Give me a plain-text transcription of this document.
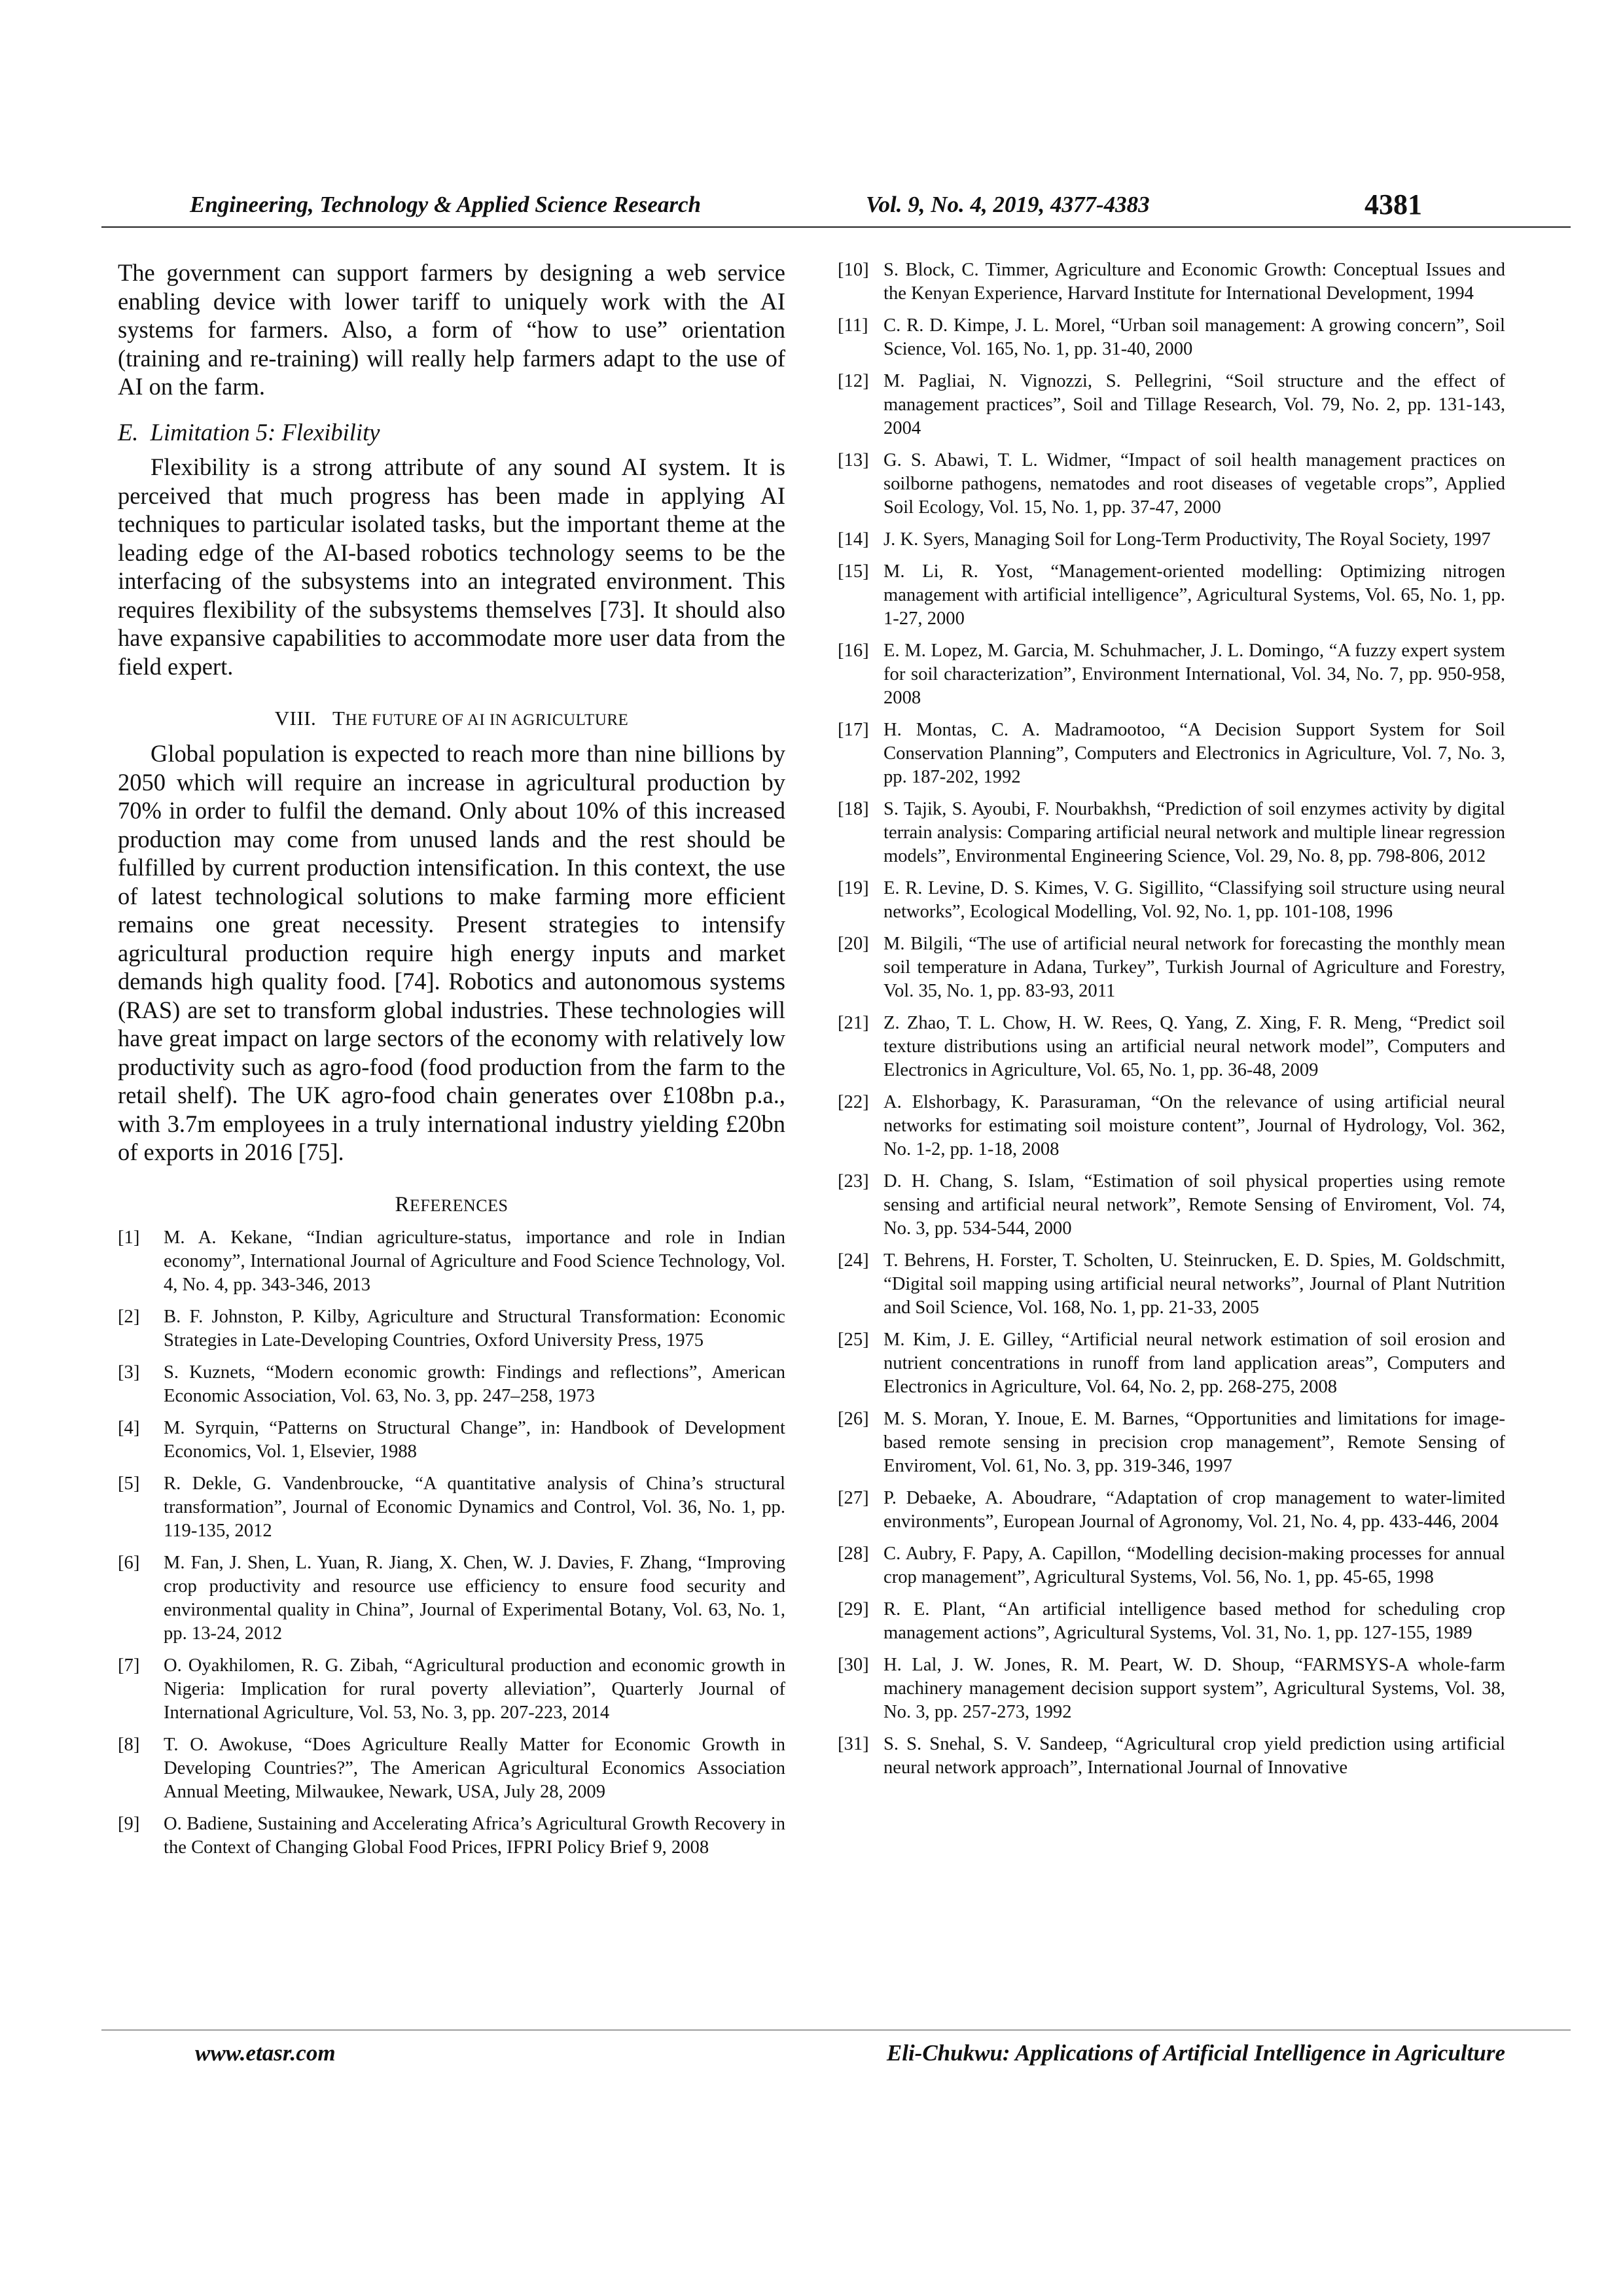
Engineering, Technology & Applied Science Research	Vol. 9, No. 4, 2019, 4377-4383	4381

The government can support farmers by designing a web service enabling device with lower tariff to uniquely work with the AI systems for farmers. Also, a form of “how to use” orientation (training and re-training) will really help farmers adapt to the use of AI on the farm.

E. Limitation 5: Flexibility

Flexibility is a strong attribute of any sound AI system. It is perceived that much progress has been made in applying AI techniques to particular isolated tasks, but the important theme at the leading edge of the AI-based robotics technology seems to be the interfacing of the subsystems into an integrated environment. This requires flexibility of the subsystems themselves [73]. It should also have expansive capabilities to accommodate more user data from the field expert.

VIII. THE FUTURE OF AI IN AGRICULTURE

Global population is expected to reach more than nine billions by 2050 which will require an increase in agricultural production by 70% in order to fulfil the demand. Only about 10% of this increased production may come from unused lands and the rest should be fulfilled by current production intensification. In this context, the use of latest technological solutions to make farming more efficient remains one great necessity. Present strategies to intensify agricultural production require high energy inputs and market demands high quality food. [74]. Robotics and autonomous systems (RAS) are set to transform global industries. These technologies will have great impact on large sectors of the economy with relatively low productivity such as agro-food (food production from the farm to the retail shelf). The UK agro-food chain generates over £108bn p.a., with 3.7m employees in a truly international industry yielding £20bn of exports in 2016 [75].

REFERENCES
[1]	M. A. Kekane, “Indian agriculture-status, importance and role in Indian economy”, International Journal of Agriculture and Food Science Technology, Vol. 4, No. 4, pp. 343-346, 2013
[2]	B. F. Johnston, P. Kilby, Agriculture and Structural Transformation: Economic Strategies in Late-Developing Countries, Oxford University Press, 1975
[3]	S. Kuznets, “Modern economic growth: Findings and reflections”, American Economic Association, Vol. 63, No. 3, pp. 247–258, 1973
[4]	M. Syrquin, “Patterns on Structural Change”, in: Handbook of Development Economics, Vol. 1, Elsevier, 1988
[5]	R. Dekle, G. Vandenbroucke, “A quantitative analysis of China’s structural transformation”, Journal of Economic Dynamics and Control, Vol. 36, No. 1, pp. 119-135, 2012
[6]	M. Fan, J. Shen, L. Yuan, R. Jiang, X. Chen, W. J. Davies, F. Zhang, “Improving crop productivity and resource use efficiency to ensure food security and environmental quality in China”, Journal of Experimental Botany, Vol. 63, No. 1, pp. 13-24, 2012
[7]	O. Oyakhilomen, R. G. Zibah, “Agricultural production and economic growth in Nigeria: Implication for rural poverty alleviation”, Quarterly Journal of International Agriculture, Vol. 53, No. 3, pp. 207-223, 2014
[8]	T. O. Awokuse, “Does Agriculture Really Matter for Economic Growth in Developing Countries?”, The American Agricultural Economics Association Annual Meeting, Milwaukee, Newark, USA, July 28, 2009
[9]	O. Badiene, Sustaining and Accelerating Africa’s Agricultural Growth Recovery in the Context of Changing Global Food Prices, IFPRI Policy Brief 9, 2008
[10] S. Block, C. Timmer, Agriculture and Economic Growth: Conceptual Issues and the Kenyan Experience, Harvard Institute for International Development, 1994
[11] C. R. D. Kimpe, J. L. Morel, “Urban soil management: A growing concern”, Soil Science, Vol. 165, No. 1, pp. 31-40, 2000
[12] M. Pagliai, N. Vignozzi, S. Pellegrini, “Soil structure and the effect of management practices”, Soil and Tillage Research, Vol. 79, No. 2, pp. 131-143, 2004
[13] G. S. Abawi, T. L. Widmer, “Impact of soil health management practices on soilborne pathogens, nematodes and root diseases of vegetable crops”, Applied Soil Ecology, Vol. 15, No. 1, pp. 37-47, 2000
[14] J. K. Syers, Managing Soil for Long-Term Productivity, The Royal Society, 1997
[15] M. Li, R. Yost, “Management-oriented modelling: Optimizing nitrogen management with artificial intelligence”, Agricultural Systems, Vol. 65, No. 1, pp. 1-27, 2000
[16] E. M. Lopez, M. Garcia, M. Schuhmacher, J. L. Domingo, “A fuzzy expert system for soil characterization”, Environment International, Vol. 34, No. 7, pp. 950-958, 2008
[17] H. Montas, C. A. Madramootoo, “A Decision Support System for Soil Conservation Planning”, Computers and Electronics in Agriculture, Vol. 7, No. 3, pp. 187-202, 1992
[18] S. Tajik, S. Ayoubi, F. Nourbakhsh, “Prediction of soil enzymes activity by digital terrain analysis: Comparing artificial neural network and multiple linear regression models”, Environmental Engineering Science, Vol. 29, No. 8, pp. 798-806, 2012
[19] E. R. Levine, D. S. Kimes, V. G. Sigillito, “Classifying soil structure using neural networks”, Ecological Modelling, Vol. 92, No. 1, pp. 101-108, 1996
[20] M. Bilgili, “The use of artificial neural network for forecasting the monthly mean soil temperature in Adana, Turkey”, Turkish Journal of Agriculture and Forestry, Vol. 35, No. 1, pp. 83-93, 2011
[21] Z. Zhao, T. L. Chow, H. W. Rees, Q. Yang, Z. Xing, F. R. Meng, “Predict soil texture distributions using an artificial neural network model”, Computers and Electronics in Agriculture, Vol. 65, No. 1, pp. 36-48, 2009
[22] A. Elshorbagy, K. Parasuraman, “On the relevance of using artificial neural networks for estimating soil moisture content”, Journal of Hydrology, Vol. 362, No. 1-2, pp. 1-18, 2008
[23] D. H. Chang, S. Islam, “Estimation of soil physical properties using remote sensing and artificial neural network”, Remote Sensing of Enviroment, Vol. 74, No. 3, pp. 534-544, 2000
[24] T. Behrens, H. Forster, T. Scholten, U. Steinrucken, E. D. Spies, M. Goldschmitt, “Digital soil mapping using artificial neural networks”, Journal of Plant Nutrition and Soil Science, Vol. 168, No. 1, pp. 21-33, 2005
[25] M. Kim, J. E. Gilley, “Artificial neural network estimation of soil erosion and nutrient concentrations in runoff from land application areas”, Computers and Electronics in Agriculture, Vol. 64, No. 2, pp. 268-275, 2008
[26] M. S. Moran, Y. Inoue, E. M. Barnes, “Opportunities and limitations for image-based remote sensing in precision crop management”, Remote Sensing of Enviroment, Vol. 61, No. 3, pp. 319-346, 1997
[27] P. Debaeke, A. Aboudrare, “Adaptation of crop management to water-limited environments”, European Journal of Agronomy, Vol. 21, No. 4, pp. 433-446, 2004
[28] C. Aubry, F. Papy, A. Capillon, “Modelling decision-making processes for annual crop management”, Agricultural Systems, Vol. 56, No. 1, pp. 45-65, 1998
[29] R. E. Plant, “An artificial intelligence based method for scheduling crop management actions”, Agricultural Systems, Vol. 31, No. 1, pp. 127-155, 1989
[30] H. Lal, J. W. Jones, R. M. Peart, W. D. Shoup, “FARMSYS-A whole-farm machinery management decision support system”, Agricultural Systems, Vol. 38, No. 3, pp. 257-273, 1992
[31] S. S. Snehal, S. V. Sandeep, “Agricultural crop yield prediction using artificial neural network approach”, International Journal of Innovative
www.etasr.com	Eli-Chukwu: Applications of Artificial Intelligence in Agriculture
